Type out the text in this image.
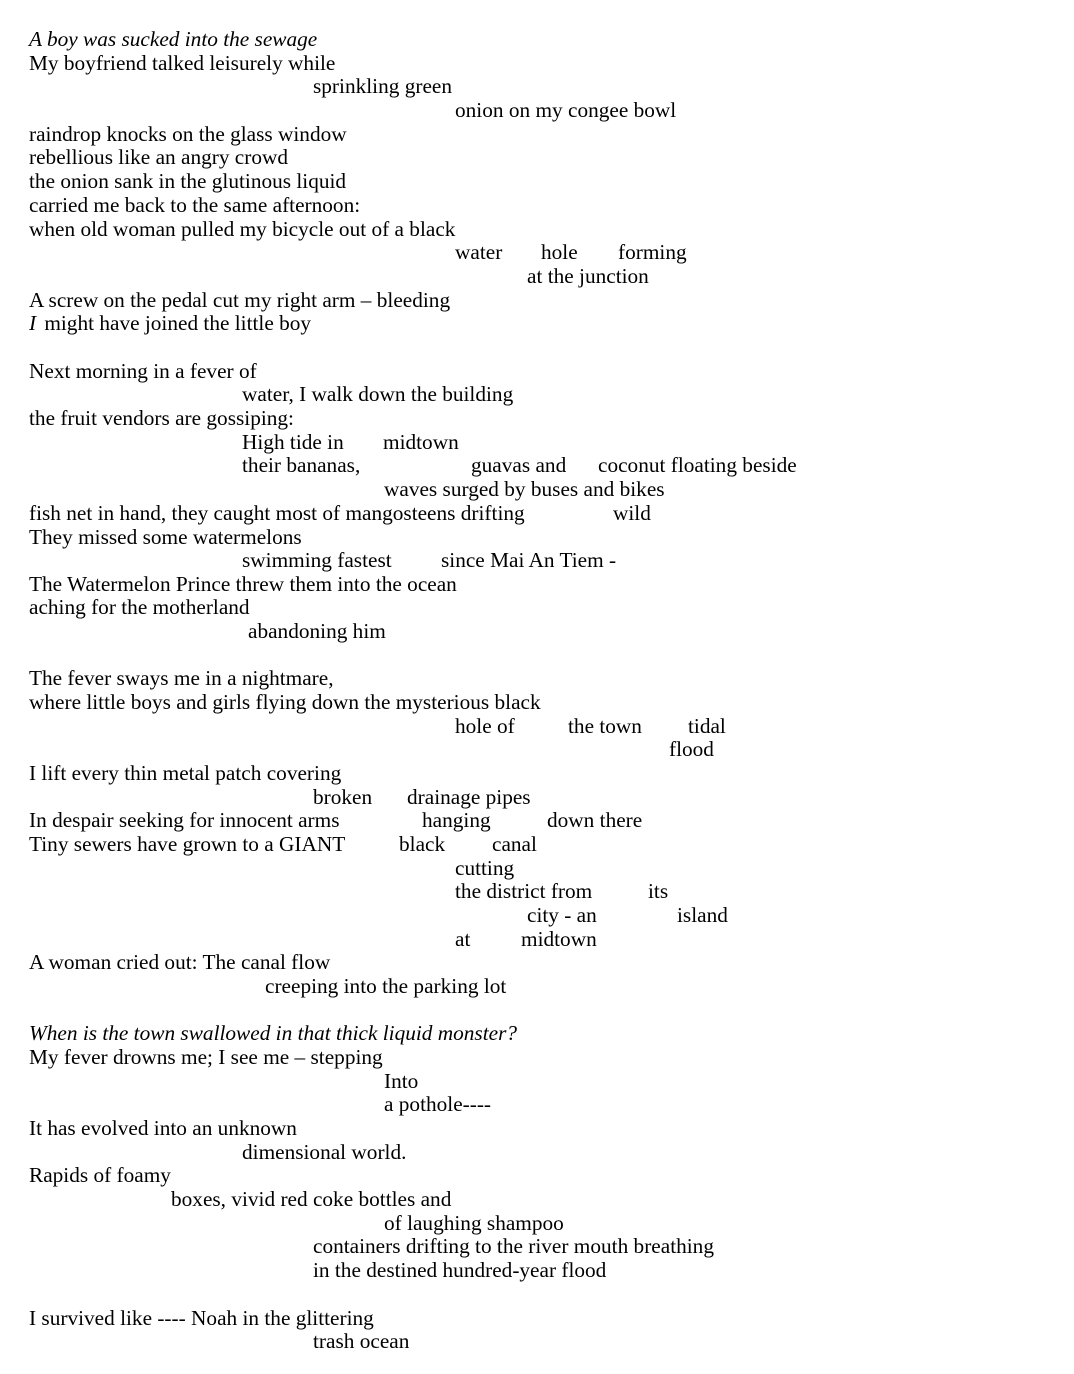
A boy was sucked into the sewage
My boyfriend talked leisurely while
sprinkling green
onion on my congee bowl
raindrop knocks on the glass window
rebellious like an angry crowd
the onion sank in the glutinous liquid
carried me back to the same afternoon:
when old woman pulled my bicycle out of a black
water hole forming
at the junction
A screw on the pedal cut my right arm – bleeding
I might have joined the little boy
Next morning in a fever of
water, I walk down the building
the fruit vendors are gossiping:
High tide in midtown
their bananas,	guavas and coconut floating beside
waves surged by buses and bikes
fish net in hand, they caught most of mangosteens drifting	wild
They missed some watermelons
swimming fastest since Mai An Tiem -
The Watermelon Prince threw them into the ocean
aching for the motherland
abandoning him
The fever sways me in a nightmare,
where little boys and girls flying down the mysterious black
hole of	the town tidal
flood
I lift every thin metal patch covering
broken drainage pipes
In despair seeking for innocent arms	hanging	down there
Tiny sewers have grown to a GIANT	black canal
cutting
the district from	its
city - an	island
at midtown
A woman cried out: The canal flow
creeping into the parking lot
When is the town swallowed in that thick liquid monster?
My fever drowns me; I see me – stepping
Into
a pothole----
It has evolved into an unknown
dimensional world.
Rapids of foamy
boxes, vivid red coke bottles and
of laughing shampoo
containers drifting to the river mouth breathing
in the destined hundred-year flood
I survived like ---- Noah in the glittering
trash ocean
